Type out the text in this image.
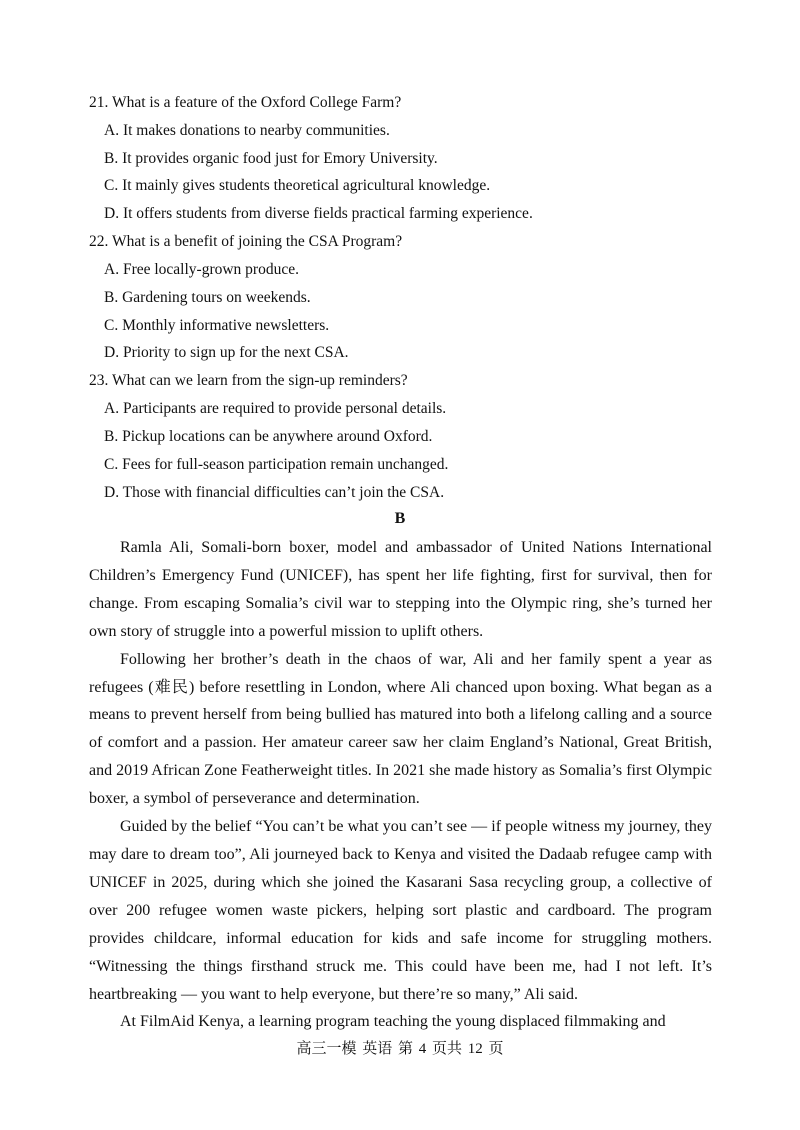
21. What is a feature of the Oxford College Farm?
A. It makes donations to nearby communities.
B. It provides organic food just for Emory University.
C. It mainly gives students theoretical agricultural knowledge.
D. It offers students from diverse fields practical farming experience.
22. What is a benefit of joining the CSA Program?
A. Free locally-grown produce.
B. Gardening tours on weekends.
C. Monthly informative newsletters.
D. Priority to sign up for the next CSA.
23. What can we learn from the sign-up reminders?
A. Participants are required to provide personal details.
B. Pickup locations can be anywhere around Oxford.
C. Fees for full-season participation remain unchanged.
D. Those with financial difficulties can’t join the CSA.
B

Ramla Ali, Somali-born boxer, model and ambassador of United Nations International Children’s Emergency Fund (UNICEF), has spent her life fighting, first for survival, then for change. From escaping Somalia’s civil war to stepping into the Olympic ring, she’s turned her own story of struggle into a powerful mission to uplift others.

Following her brother’s death in the chaos of war, Ali and her family spent a year as refugees (难民) before resettling in London, where Ali chanced upon boxing. What began as a means to prevent herself from being bullied has matured into both a lifelong calling and a source of comfort and a passion. Her amateur career saw her claim England’s National, Great British, and 2019 African Zone Featherweight titles. In 2021 she made history as Somalia’s first Olympic boxer, a symbol of perseverance and determination.

Guided by the belief “You can’t be what you can’t see — if people witness my journey, they may dare to dream too”, Ali journeyed back to Kenya and visited the Dadaab refugee camp with UNICEF in 2025, during which she joined the Kasarani Sasa recycling group, a collective of over 200 refugee women waste pickers, helping sort plastic and cardboard. The program provides childcare, informal education for kids and safe income for struggling mothers. “Witnessing the things firsthand struck me. This could have been me, had I not left. It’s heartbreaking — you want to help everyone, but there’re so many,” Ali said.

At FilmAid Kenya, a learning program teaching the young displaced filmmaking and

高三一模 英语 第 4 页共 12 页
